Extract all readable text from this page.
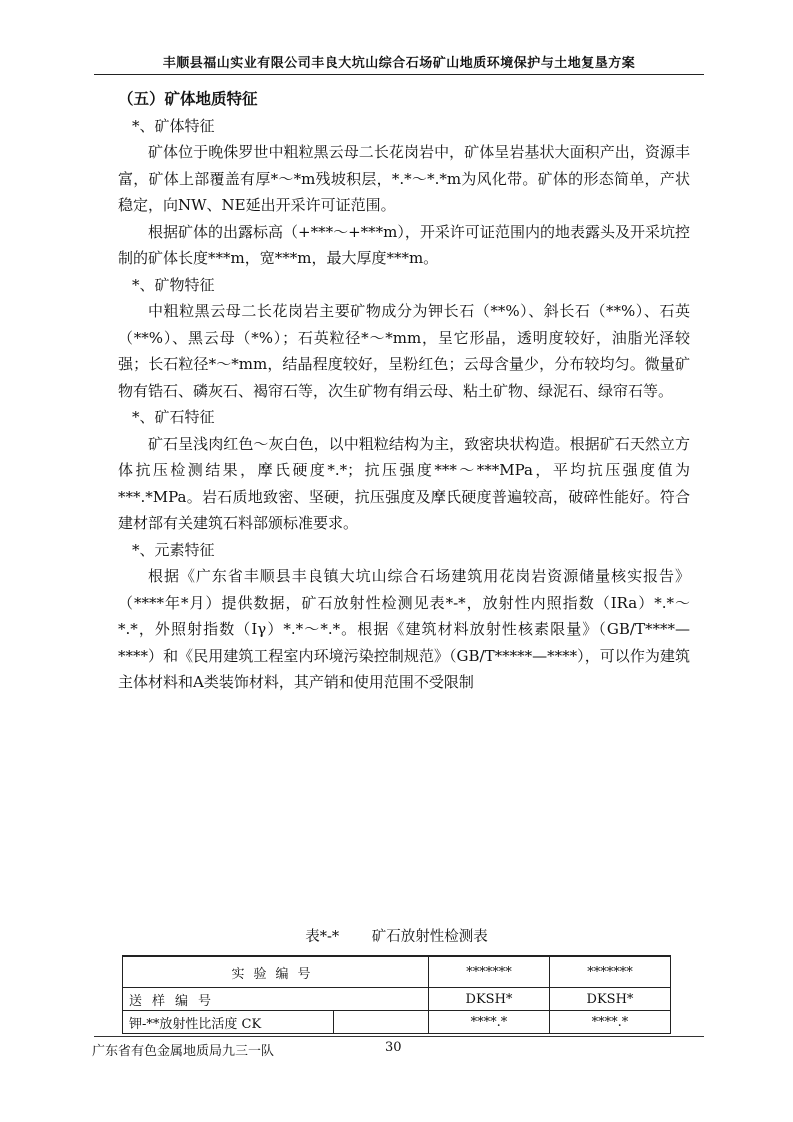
丰顺县福山实业有限公司丰良大坑山综合石场矿山地质环境保护与土地复垦方案

（五）矿体地质特征

*、矿体特征

矿体位于晚侏罗世中粗粒黑云母二长花岗岩中，矿体呈岩基状大面积产出，资源丰富，矿体上部覆盖有厚*～*m残坡积层，*.*～*.*m为风化带。矿体的形态简单，产状稳定，向NW、NE延出开采许可证范围。

根据矿体的出露标高（+***～+***m），开采许可证范围内的地表露头及开采坑控制的矿体长度***m，宽***m，最大厚度***m。

*、矿物特征

中粗粒黑云母二长花岗岩主要矿物成分为钾长石（**%）、斜长石（**%）、石英（**%）、黑云母（*%）；石英粒径*～*mm，呈它形晶，透明度较好，油脂光泽较强；长石粒径*～*mm，结晶程度较好，呈粉红色；云母含量少，分布较均匀。微量矿物有锆石、磷灰石、褐帘石等，次生矿物有绢云母、粘土矿物、绿泥石、绿帘石等。

*、矿石特征

矿石呈浅肉红色～灰白色，以中粗粒结构为主，致密块状构造。根据矿石天然立方体抗压检测结果，摩氏硬度*.*；抗压强度***～***MPa，平均抗压强度值为***.*MPa。岩石质地致密、坚硬，抗压强度及摩氏硬度普遍较高，破碎性能好。符合建材部有关建筑石料部颁标准要求。

*、元素特征

根据《广东省丰顺县丰良镇大坑山综合石场建筑用花岗岩资源储量核实报告》（****年*月）提供数据，矿石放射性检测见表*-*，放射性内照指数（IRa）*.*～*.*，外照射指数（Iγ）*.*～*.*。根据《建筑材料放射性核素限量》（GB/T****—****）和《民用建筑工程室内环境污染控制规范》（GB/T*****—****），可以作为建筑主体材料和A类装饰材料，其产销和使用范围不受限制

表*-* 矿石放射性检测表
实验编号		*******	*******
送样编号		DKSH*	DKSH*
钾-**放射性比活度 CK		****.*	****.*
广东省有色金属地质局九三一队	30
